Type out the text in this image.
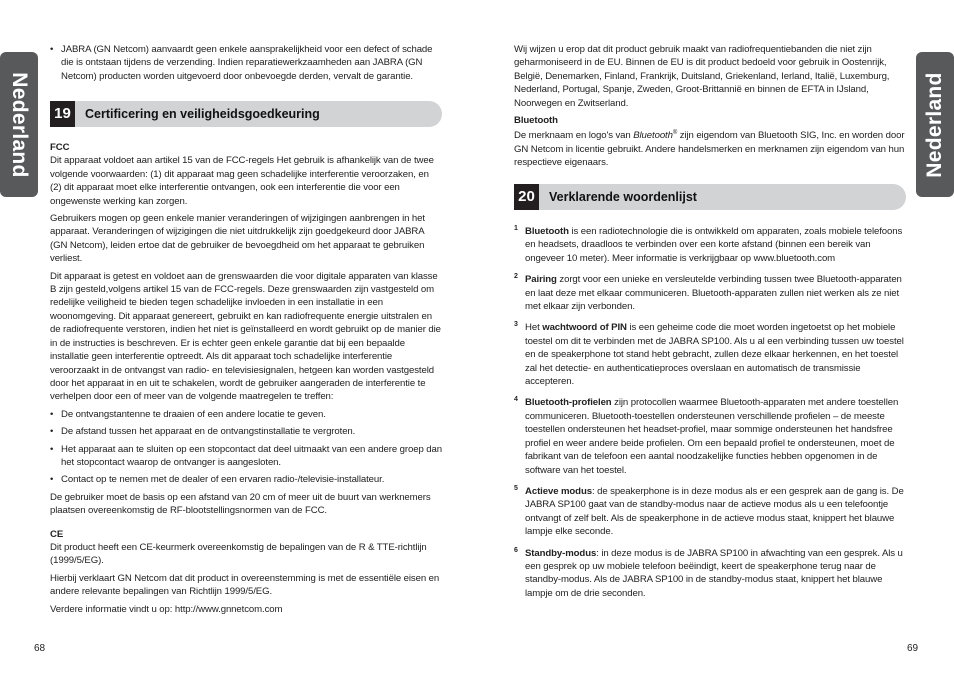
Nederland	Nederland
• JABRA (GN Netcom) aanvaardt geen enkele aansprakelijkheid voor een defect of schade die is ontstaan tijdens de verzending. Indien reparatiewerkzaamheden aan JABRA (GN Netcom) producten worden uitgevoerd door onbevoegde derden, vervalt de garantie.
19	Certificering en veiligheidsgoedkeuring

FCC

Dit apparaat voldoet aan artikel 15 van de FCC-regels Het gebruik is afhankelijk van de twee volgende voorwaarden: (1) dit apparaat mag geen schadelijke interferentie veroorzaken, en (2) dit apparaat moet elke interferentie ontvangen, ook een interferentie die voor een ongewenste werking kan zorgen.

Gebruikers mogen op geen enkele manier veranderingen of wijzigingen aanbrengen in het apparaat. Veranderingen of wijzigingen die niet uitdrukkelijk zijn goedgekeurd door JABRA (GN Netcom), leiden ertoe dat de gebruiker de bevoegdheid om het apparaat te gebruiken verliest.

Dit apparaat is getest en voldoet aan de grenswaarden die voor digitale apparaten van klasse B zijn gesteld,volgens artikel 15 van de FCC-regels. Deze grenswaarden zijn vastgesteld om redelijke veiligheid te bieden tegen schadelijke invloeden in een installatie in een woonomgeving. Dit apparaat genereert, gebruikt en kan radiofrequente energie uitstralen en de radiofrequente verstoren, indien het niet is geïnstalleerd en wordt gebruikt op de manier die in de instructies is beschreven. Er is echter geen enkele garantie dat bij een bepaalde installatie geen interferentie optreedt. Als dit apparaat toch schadelijke interferentie veroorzaakt in de ontvangst van radio- en televisiesignalen, hetgeen kan worden vastgesteld door het apparaat in en uit te schakelen, wordt de gebruiker aangeraden de interferentie te verhelpen door een of meer van de volgende maatregelen te treffen:

• De ontvangstantenne te draaien of een andere locatie te geven.
• De afstand tussen het apparaat en de ontvangstinstallatie te vergroten.
• Het apparaat aan te sluiten op een stopcontact dat deel uitmaakt van een andere groep dan het stopcontact waarop de ontvanger is aangesloten.
• Contact op te nemen met de dealer of een ervaren radio-/televisie-installateur.

De gebruiker moet de basis op een afstand van 20 cm of meer uit de buurt van werknemers plaatsen overeenkomstig de RF-blootstellingsnormen van de FCC.

CE

Dit product heeft een CE-keurmerk overeenkomstig de bepalingen van de R & TTE-richtlijn (1999/5/EG).

Hierbij verklaart GN Netcom dat dit product in overeenstemming is met de essentiële eisen en andere relevante bepalingen van Richtlijn 1999/5/EG.

Verdere informatie vindt u op: http://www.gnnetcom.com

68

Wij wijzen u erop dat dit product gebruik maakt van radiofrequentiebanden die niet zijn geharmoniseerd in de EU. Binnen de EU is dit product bedoeld voor gebruik in Oostenrijk, België, Denemarken, Finland, Frankrijk, Duitsland, Griekenland, Ierland, Italië, Luxemburg, Nederland, Portugal, Spanje, Zweden, Groot-Brittannië en binnen de EFTA in IJsland, Noorwegen en Zwitserland.

Bluetooth

De merknaam en logo's van Bluetooth® zijn eigendom van Bluetooth SIG, Inc. en worden door GN Netcom in licentie gebruikt. Andere handelsmerken en merknamen zijn eigendom van hun respectieve eigenaars.

20	Verklarende woordenlijst
1 Bluetooth is een radiotechnologie die is ontwikkeld om apparaten, zoals mobiele telefoons en headsets, draadloos te verbinden over een korte afstand (binnen een bereik van ongeveer 10 meter). Meer informatie is verkrijgbaar op www.bluetooth.com
2 Pairing zorgt voor een unieke en versleutelde verbinding tussen twee Bluetooth-apparaten en laat deze met elkaar communiceren. Bluetooth-apparaten zullen niet werken als ze niet met elkaar zijn verbonden.
3 Het wachtwoord of PIN is een geheime code die moet worden ingetoetst op het mobiele toestel om dit te verbinden met de JABRA SP100. Als u al een verbinding tussen uw toestel en de speakerphone tot stand hebt gebracht, zullen deze elkaar herkennen, en het toestel zal het detectie- en authenticatieproces overslaan en automatisch de transmissie accepteren.
4 Bluetooth-profielen zijn protocollen waarmee Bluetooth-apparaten met andere toestellen communiceren. Bluetooth-toestellen ondersteunen verschillende profielen – de meeste toestellen ondersteunen het headset-profiel, maar sommige ondersteunen het handsfree profiel en weer andere beide profielen. Om een bepaald profiel te ondersteunen, moet de fabrikant van de telefoon een aantal noodzakelijke functies hebben opgenomen in de software van het toestel.
5 Actieve modus: de speakerphone is in deze modus als er een gesprek aan de gang is. De JABRA SP100 gaat van de standby-modus naar de actieve modus als u een telefoontje ontvangt of zelf belt. Als de speakerphone in de actieve modus staat, knippert het blauwe lampje elke seconde.
6 Standby-modus: in deze modus is de JABRA SP100 in afwachting van een gesprek. Als u een gesprek op uw mobiele telefoon beëindigt, keert de speakerphone terug naar de standby-modus. Als de JABRA SP100 in de standby-modus staat, knippert het blauwe lampje om de drie seconden.
69
